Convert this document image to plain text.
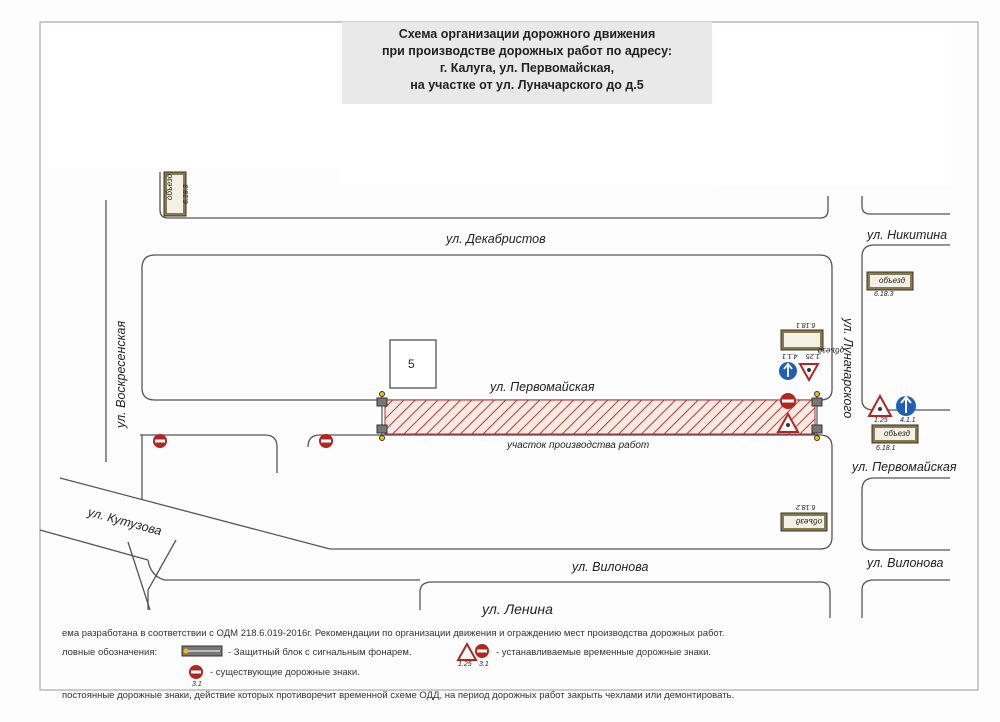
Схема организации дорожного движения
при производстве дорожных работ по адресу:
г. Калуга, ул. Первомайская,
на участке от ул. Луначарского до д.5
ул. Декабристов	ул. Никитина
ул. Воскресенская	ул. Первомайская	ул. Луначарского
ул. Первомайская
ул. Кутузова
ул. Вилонова	ул. Вилонова
ул. Ленина
5
участок производства работ
объезд 6.18.3
объезд
6.18.1
4.1.1 1.25
объезд
6.18.3
объезд
6.18.1
1.25 4.1.1
объезд
6.18.2
ема разработана в соответствии с ОДМ 218.6.019-2016г. Рекомендации по организации движения и ограждению мест производства дорожных работ.
ловные обозначения:	- Защитный блок с сигнальным фонарем.	- устанавливаемые временные дорожные знаки.
1.25 3.1
- существующие дорожные знаки.
3.1
постоянные дорожные знаки, действие которых противоречит временной схеме ОДД, на период дорожных работ закрыть чехлами или демонтировать.
